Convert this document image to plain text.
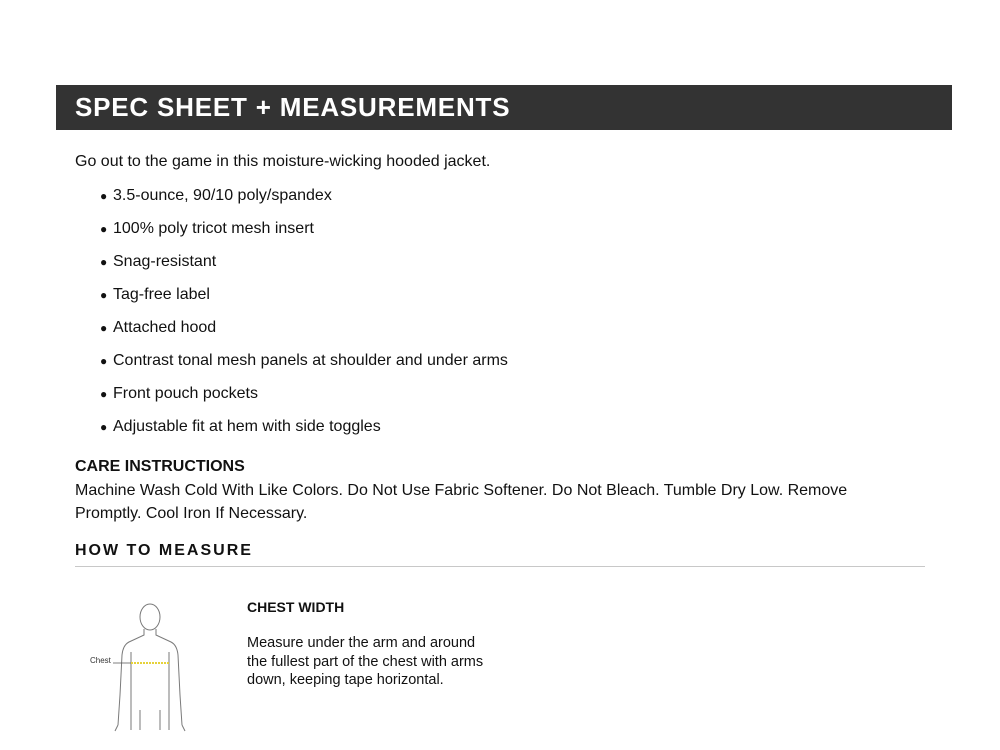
SPEC SHEET + MEASUREMENTS

Go out to the game in this moisture-wicking hooded jacket.

● 3.5-ounce, 90/10 poly/spandex
● 100% poly tricot mesh insert
● Snag-resistant
● Tag-free label
● Attached hood
● Contrast tonal mesh panels at shoulder and under arms
● Front pouch pockets
● Adjustable fit at hem with side toggles
CARE INSTRUCTIONS

Machine Wash Cold With Like Colors. Do Not Use Fabric Softener. Do Not Bleach. Tumble Dry Low. Remove Promptly. Cool Iron If Necessary.

HOW TO MEASURE
Chest
CHEST WIDTH

Measure under the arm and around the fullest part of the chest with arms down, keeping tape horizontal.
